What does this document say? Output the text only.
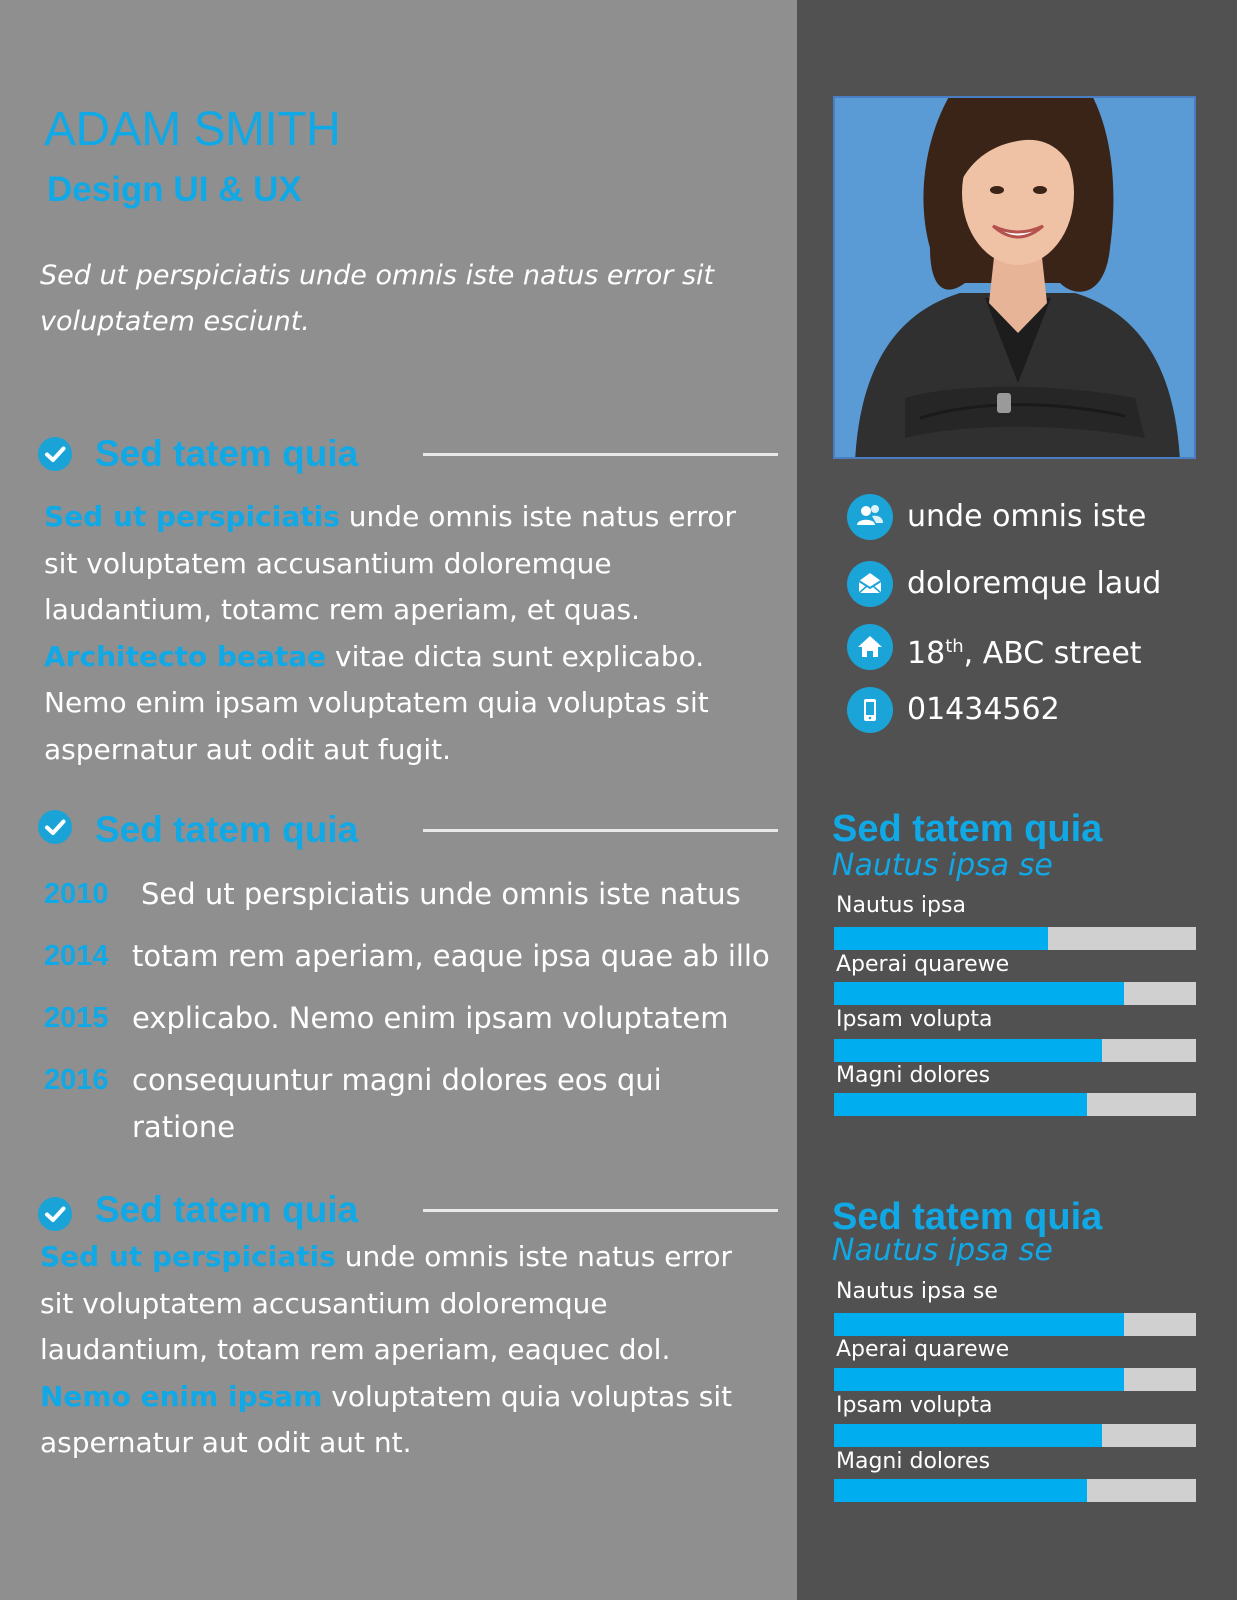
ADAM SMITH
Design UI & UX
Sed ut perspiciatis unde omnis iste natus error sit voluptatem esciunt.
Sed tatem quia
Sed ut perspiciatis unde omnis iste natus error sit voluptatem accusantium doloremque laudantium, totamc rem aperiam, et quas. Architecto beatae vitae dicta sunt explicabo. Nemo enim ipsam voluptatem quia voluptas sit aspernatur aut odit aut fugit.
Sed tatem quia
2010 Sed ut perspiciatis unde omnis iste natus
2014 totam rem aperiam, eaque ipsa quae ab illo
2015 explicabo. Nemo enim ipsam voluptatem
2016 consequuntur magni dolores eos qui ratione
Sed tatem quia
Sed ut perspiciatis unde omnis iste natus error sit voluptatem accusantium doloremque laudantium, totam rem aperiam, eaquec dol. Nemo enim ipsam voluptatem quia voluptas sit aspernatur aut odit aut nt.
unde omnis iste
doloremque laud
18th, ABC street
01434562
Sed tatem quia
Nautus ipsa se
Nautus ipsa
Aperai quarewe
Ipsam volupta
Magni dolores
Sed tatem quia
Nautus ipsa se
Nautus ipsa se
Aperai quarewe
Ipsam volupta
Magni dolores
